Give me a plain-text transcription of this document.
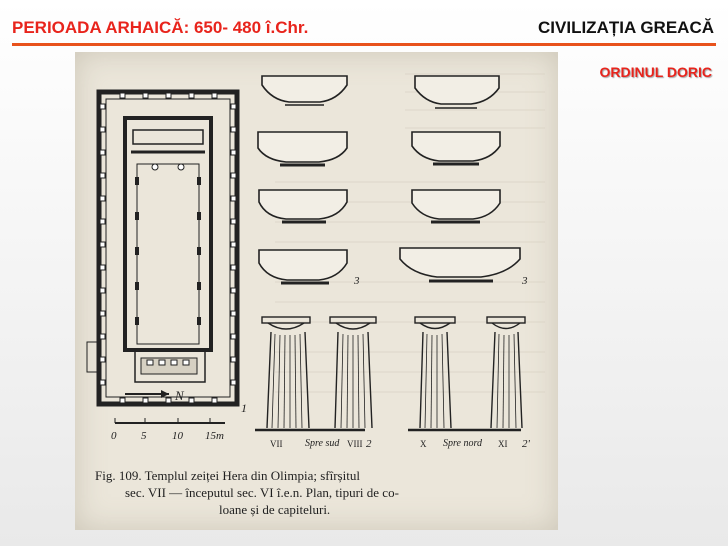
PERIOADA ARHAICĂ: 650- 480 î.Chr.	CIVILIZAȚIA GREACĂ
ORDINUL DORIC
N
1
0 5 10 15m
3	3
VII Spre sud VIII 2	X Spre nord XI 2'
Fig. 109. Templul zeiței Hera din Olimpia; sfîrșitul
sec. VII — începutul sec. VI î.e.n. Plan, tipuri de co-
loane și de capiteluri.
